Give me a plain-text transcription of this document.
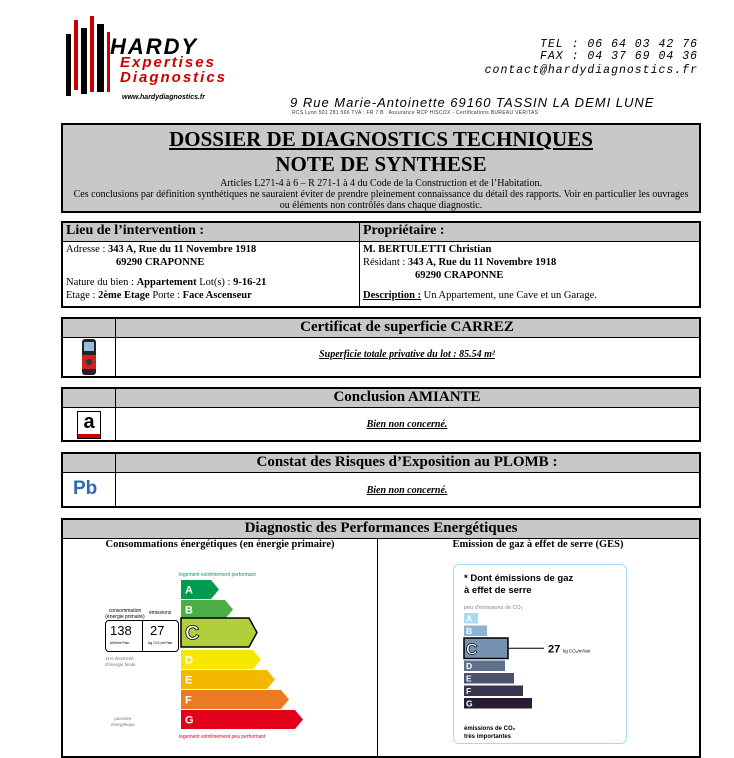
HARDY
Expertises
Diagnostics
www.hardydiagnostics.fr
TEL : 06 64 03 42 76
FAX : 04 37 69 04 36
contact@hardydiagnostics.fr
9 Rue Marie-Antoinette 69160 TASSIN LA DEMI LUNE
RCS Lyon 501 281 566 TVA : FR 7 B . Assurance RCP HISCOX - Certifications BUREAU VERITAS
DOSSIER DE DIAGNOSTICS TECHNIQUES
NOTE DE SYNTHESE
Articles L271-4 à 6 – R 271-1 à 4 du Code de la Construction et de l’Habitation.
Ces conclusions par définition synthétiques ne sauraient éviter de prendre pleinement connaissance du détail des rapports. Voir en particulier les ouvrages ou éléments non contrôlés dans chaque diagnostic.
Lieu de l’intervention :	Propriétaire :
Adresse : 343 A, Rue du 11 Novembre 1918
69290 CRAPONNE
Nature du bien : Appartement Lot(s) : 9-16-21
Etage : 2ème Etage Porte : Face Ascenseur
M. BERTULETTI Christian
Résidant : 343 A, Rue du 11 Novembre 1918
69290 CRAPONNE
Description : Un Appartement, une Cave et un Garage.
Certificat de superficie CARREZ
Superficie totale privative du lot : 85.54 m²
Conclusion AMIANTE
a	Bien non concerné.
Constat des Risques d’Exposition au PLOMB :
Pb	Bien non concerné.
Diagnostic des Performances Energétiques
Consommations énergétiques (en énergie primaire)	Emission de gaz à effet de serre (GES)
logement extrêmement performant
consommation
(énergie primaire)
émissions
138
kWh/m²/an
27
kg CO₂/m²/an
11% électricité
d'énergie finale
passoire
énergétique
A
B
C
D
E
F
G
logement extrêmement peu performant
* Dont émissions de gaz
à effet de serre
peu d'émissions de CO₂
A
B
C	27 kg CO₂/m²/an
D
E
F
G
émissions de CO₂
très importantes
